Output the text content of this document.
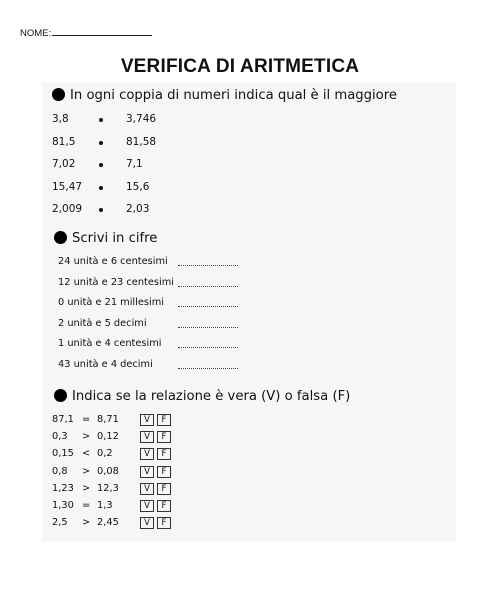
NOME:
VERIFICA DI ARITMETICA
In ogni coppia di numeri indica qual è il maggiore
3,8	3,746
81,5	81,58
7,02	7,1
15,47	15,6
2,009	2,03
Scrivi in cifre
24 unità e 6 centesimi
12 unità e 23 centesimi
0 unità e 21 millesimi
2 unità e 5 decimi
1 unità e 4 centesimi
43 unità e 4 decimi
Indica se la relazione è vera (V) o falsa (F)
87,1 = 8,71	V F
0,3 > 0,12	V F
0,15 < 0,2	V F
0,8 > 0,08	V F
1,23 > 12,3	V F
1,30 = 1,3	V F
2,5 > 2,45	V F
